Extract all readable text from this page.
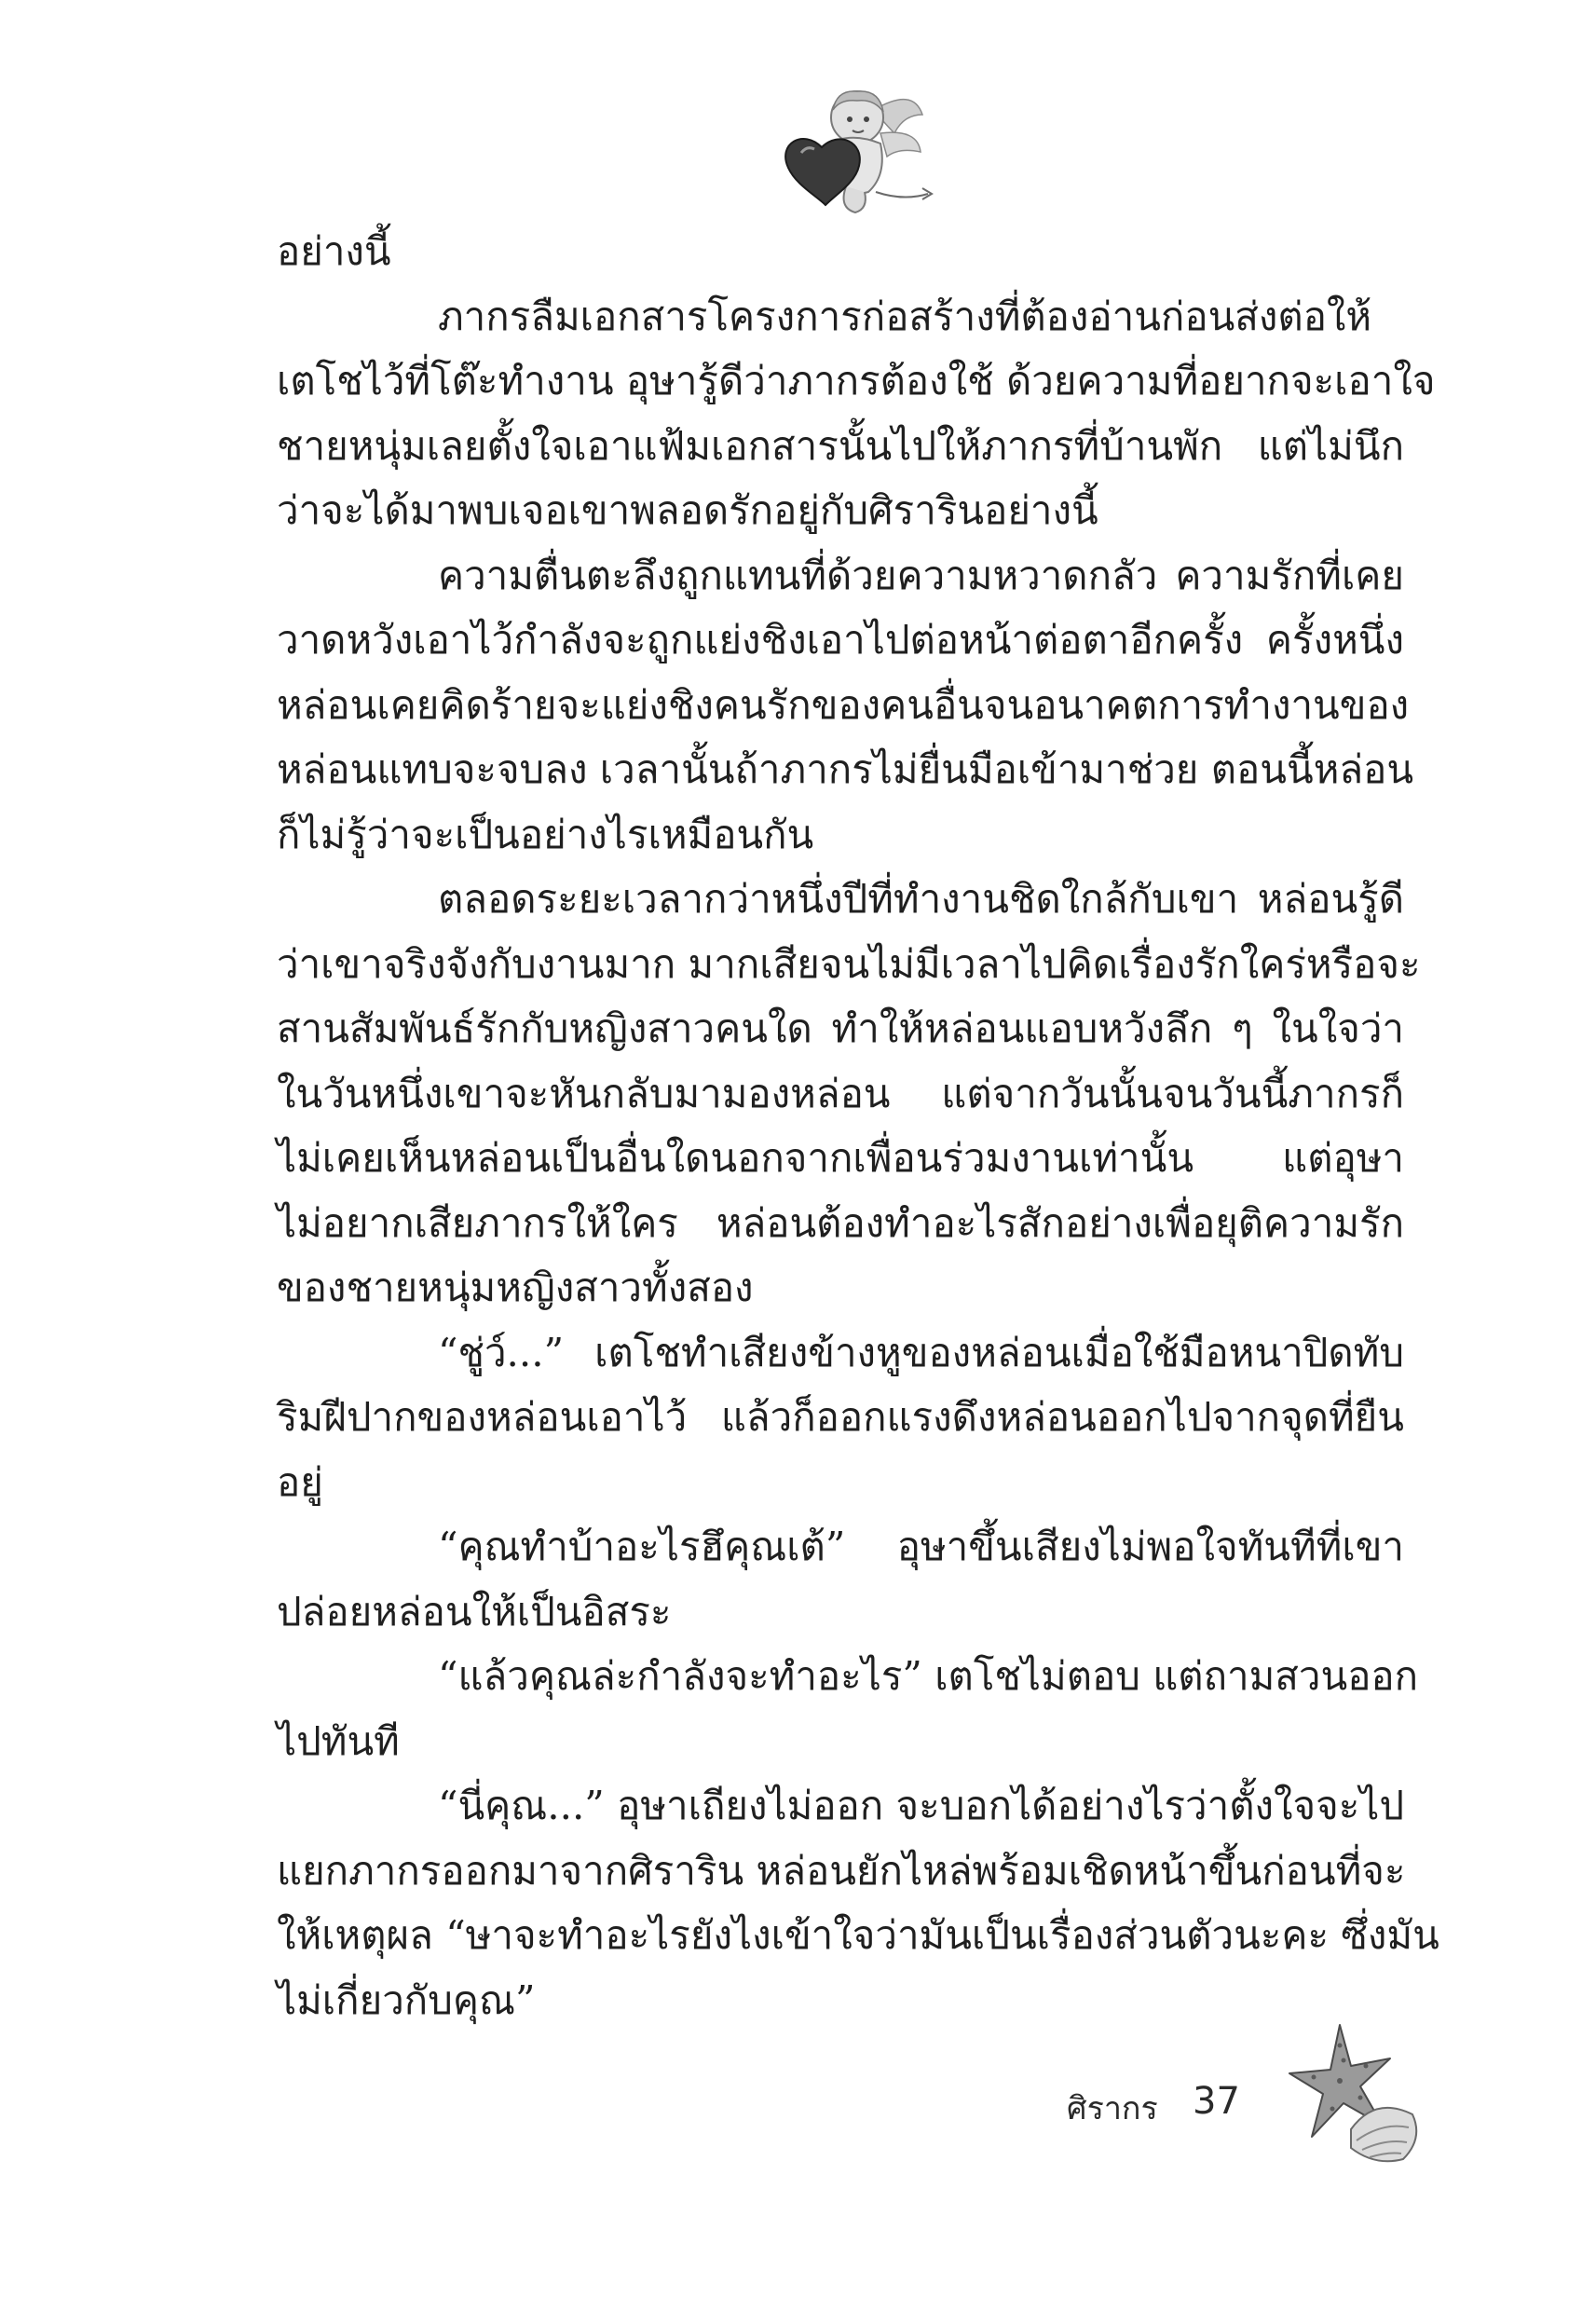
อย่างนี้
ภากรลืมเอกสารโครงการก่อสร้างที่ต้องอ่านก่อนส่งต่อให้
เตโชไว้ที่โต๊ะทำงาน อุษารู้ดีว่าภากรต้องใช้ ด้วยความที่อยากจะเอาใจ
ชายหนุ่มเลยตั้งใจเอาแฟ้มเอกสารนั้นไปให้ภากรที่บ้านพัก แต่ไม่นึก
ว่าจะได้มาพบเจอเขาพลอดรักอยู่กับศิรารินอย่างนี้
ความตื่นตะลึงถูกแทนที่ด้วยความหวาดกลัว ความรักที่เคย
วาดหวังเอาไว้กำลังจะถูกแย่งชิงเอาไปต่อหน้าต่อตาอีกครั้ง ครั้งหนึ่ง
หล่อนเคยคิดร้ายจะแย่งชิงคนรักของคนอื่นจนอนาคตการทำงานของ
หล่อนแทบจะจบลง เวลานั้นถ้าภากรไม่ยื่นมือเข้ามาช่วย ตอนนี้หล่อน
ก็ไม่รู้ว่าจะเป็นอย่างไรเหมือนกัน
ตลอดระยะเวลากว่าหนึ่งปีที่ทำงานชิดใกล้กับเขา หล่อนรู้ดี
ว่าเขาจริงจังกับงานมาก มากเสียจนไม่มีเวลาไปคิดเรื่องรักใคร่หรือจะ
สานสัมพันธ์รักกับหญิงสาวคนใด ทำให้หล่อนแอบหวังลึก ๆ ในใจว่า
ในวันหนึ่งเขาจะหันกลับมามองหล่อน แต่จากวันนั้นจนวันนี้ภากรก็
ไม่เคยเห็นหล่อนเป็นอื่นใดนอกจากเพื่อนร่วมงานเท่านั้น แต่อุษา
ไม่อยากเสียภากรให้ใคร หล่อนต้องทำอะไรสักอย่างเพื่อยุติความรัก
ของชายหนุ่มหญิงสาวทั้งสอง
“ชู่ว์...” เตโชทำเสียงข้างหูของหล่อนเมื่อใช้มือหนาปิดทับ
ริมฝีปากของหล่อนเอาไว้ แล้วก็ออกแรงดึงหล่อนออกไปจากจุดที่ยืน
อยู่
“คุณทำบ้าอะไรฮึคุณเต้” อุษาขึ้นเสียงไม่พอใจทันทีที่เขา
ปล่อยหล่อนให้เป็นอิสระ
“แล้วคุณล่ะกำลังจะทำอะไร” เตโชไม่ตอบ แต่ถามสวนออก
ไปทันที
“นี่คุณ...” อุษาเถียงไม่ออก จะบอกได้อย่างไรว่าตั้งใจจะไป
แยกภากรออกมาจากศิราริน หล่อนยักไหล่พร้อมเชิดหน้าขึ้นก่อนที่จะ
ให้เหตุผล “ษาจะทำอะไรยังไงเข้าใจว่ามันเป็นเรื่องส่วนตัวนะคะ ซึ่งมัน
ไม่เกี่ยวกับคุณ”
ศิรากร 37
